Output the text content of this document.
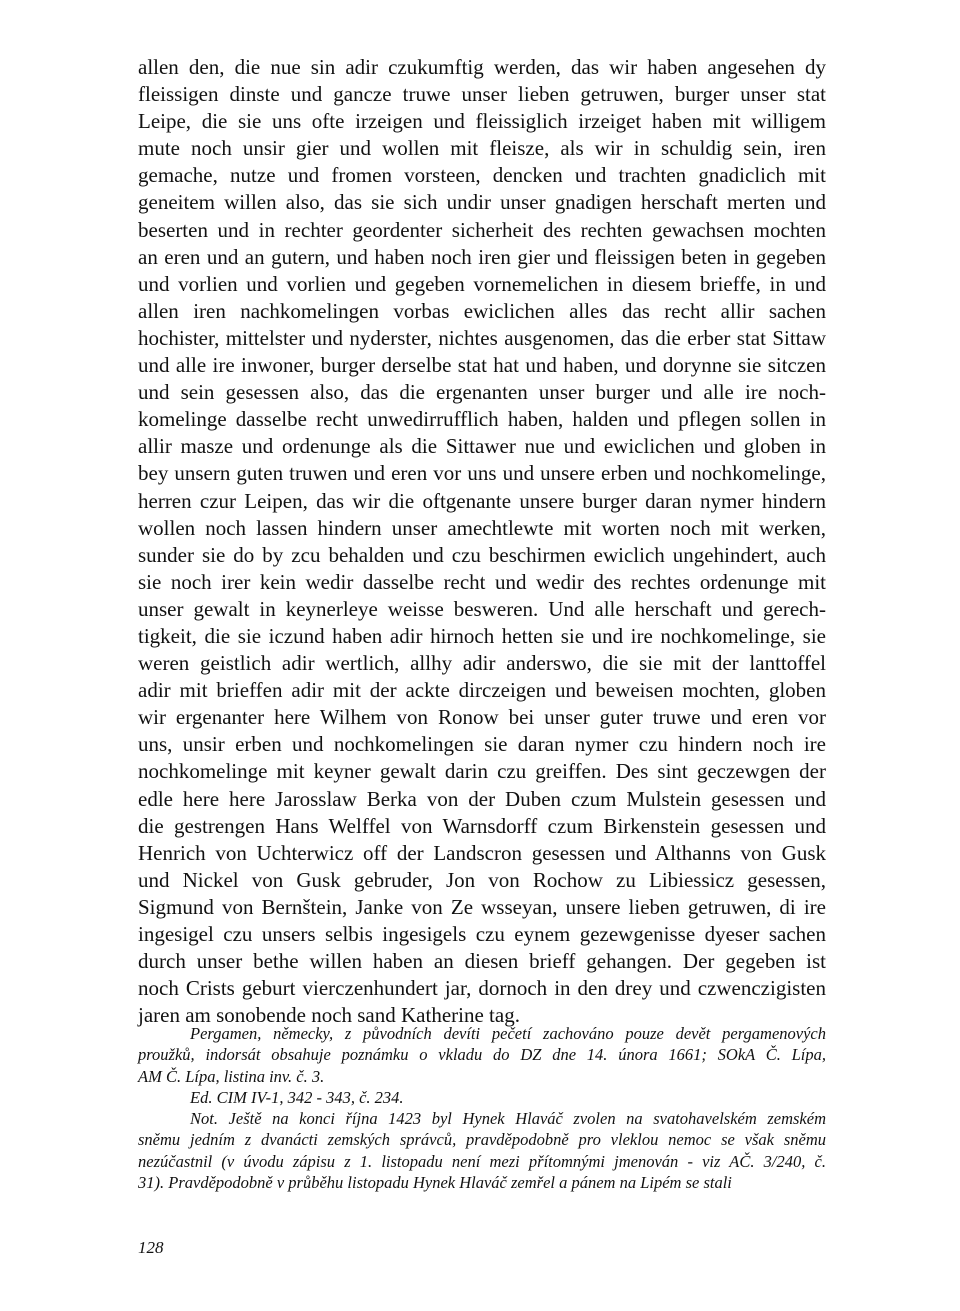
allen den, die nue sin adir czukumftig werden, das wir haben angesehen dy
fleissigen dinste und gancze truwe unser lieben getruwen, burger unser stat
Leipe, die sie uns ofte irzeigen und fleissiglich irzeiget haben mit willigem
mute noch unsir gier und wollen mit fleisze, als wir in schuldig sein, iren
gemache, nutze und fromen vorsteen, dencken und trachten gnadiclich mit
geneitem willen also, das sie sich undir unser gnadigen herschaft merten und
beserten und in rechter geordenter sicherheit des rechten gewachsen mochten
an eren und an gutern, und haben noch iren gier und fleissigen beten in gegeben
und vorlien und vorlien und gegeben vornemelichen in diesem brieffe, in und
allen iren nachkomelingen vorbas ewiclichen alles das recht allir sachen
hochister, mittelster und nyderster, nichtes ausgenomen, das die erber stat Sittaw
und alle ire inwoner, burger derselbe stat hat und haben, und dorynne sie sitczen
und sein gesessen also, das die ergenanten unser burger und alle ire noch-
komelinge dasselbe recht unwedirrufflich haben, halden und pflegen sollen in
allir masze und ordenunge als die Sittawer nue und ewiclichen und globen in
bey unsern guten truwen und eren vor uns und unsere erben und nochkomelinge,
herren czur Leipen, das wir die oftgenante unsere burger daran nymer hindern
wollen noch lassen hindern unser amechtlewte mit worten noch mit werken,
sunder sie do by zcu behalden und czu beschirmen ewiclich ungehindert, auch
sie noch irer kein wedir dasselbe recht und wedir des rechtes ordenunge mit
unser gewalt in keynerleye weisse besweren. Und alle herschaft und gerech-
tigkeit, die sie iczund haben adir hirnoch hetten sie und ire nochkomelinge, sie
weren geistlich adir wertlich, allhy adir anderswo, die sie mit der lanttoffel
adir mit brieffen adir mit der ackte dirczeigen und beweisen mochten, globen
wir ergenanter here Wilhem von Ronow bei unser guter truwe und eren vor
uns, unsir erben und nochkomelingen sie daran nymer czu hindern noch ire
nochkomelinge mit keyner gewalt darin czu greiffen. Des sint geczewgen der
edle here here Jarosslaw Berka von der Duben czum Mulstein gesessen und
die gestrengen Hans Welffel von Warnsdorff czum Birkenstein gesessen und
Henrich von Uchterwicz off der Landscron gesessen und Althanns von Gusk
und Nickel von Gusk gebruder, Jon von Rochow zu Libiessicz gesessen,
Sigmund von Bernštein, Janke von Ze wsseyan, unsere lieben getruwen, di ire
ingesigel czu unsers selbis ingesigels czu eynem gezewgenisse dyeser sachen
durch unser bethe willen haben an diesen brieff gehangen. Der gegeben ist
noch Crists geburt vierczenhundert jar, dornoch in den drey und czwenczigisten
jaren am sonobende noch sand Katherine tag.

Pergamen, německy, z původních devíti pečetí zachováno pouze devět pergamenových
proužků, indorsát obsahuje poznámku o vkladu do DZ dne 14. února 1661; SOkA Č. Lípa,
AM Č. Lípa, listina inv. č. 3.

Ed. CIM IV-1, 342 - 343, č. 234.

Not. Ještě na konci října 1423 byl Hynek Hlaváč zvolen na svatohavelském zemském
sněmu jedním z dvanácti zemských správců, pravděpodobně pro vleklou nemoc se však sněmu
nezúčastnil (v úvodu zápisu z 1. listopadu není mezi přítomnými jmenován - viz AČ. 3/240, č.
31). Pravděpodobně v průběhu listopadu Hynek Hlaváč zemřel a pánem na Lipém se stali

128
